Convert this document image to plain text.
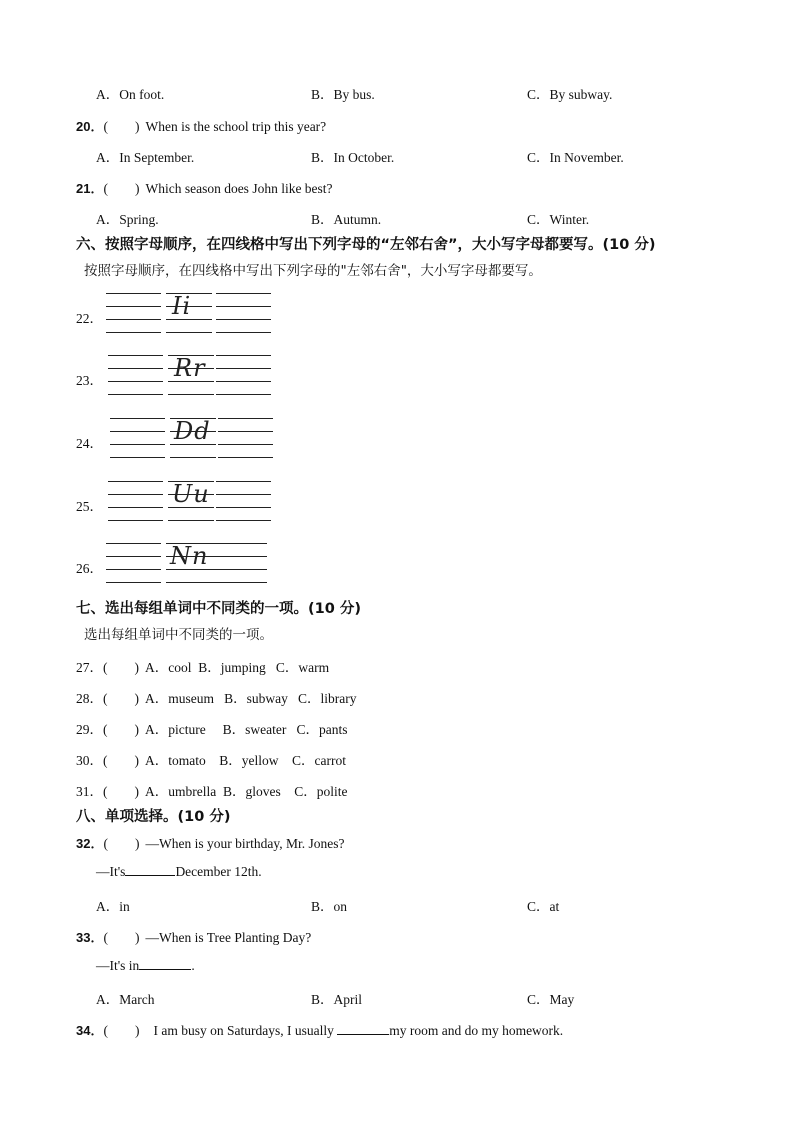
A．On foot.	B．By bus.	C．By subway.
20．(　　) When is the school trip this year?
A．In September.	B．In October.	C．In November.
21．(　　) Which season does John like best?
A．Spring.	B．Autumn.	C．Winter.
六、按照字母顺序，在四线格中写出下列字母的“左邻右舍”，大小写字母都要写。(10 分)
按照字母顺序，在四线格中写出下列字母的"左邻右舍"，大小写字母都要写。
22．	Ii
23．	Rr
24．	Dd
25．	Uu
26．	Nn
七、选出每组单词中不同类的一项。(10 分)
选出每组单词中不同类的一项。
27．(　　) A．cool B．jumping C．warm
28．(　　) A．museum B．subway C．library
29．(　　) A．picture B．sweater C．pants
30．(　　) A．tomato B．yellow C．carrot
31．(　　) A．umbrella B．gloves C．polite
八、单项选择。(10 分)
32．(　　) —When is your birthday, Mr. Jones?
—It's	December 12th.
A．in	B．on	C．at
33．(　　) —When is Tree Planting Day?
—It's in	.
A．March	B．April	C．May
34．(　　) I am busy on Saturdays, I usually	my room and do my homework.
